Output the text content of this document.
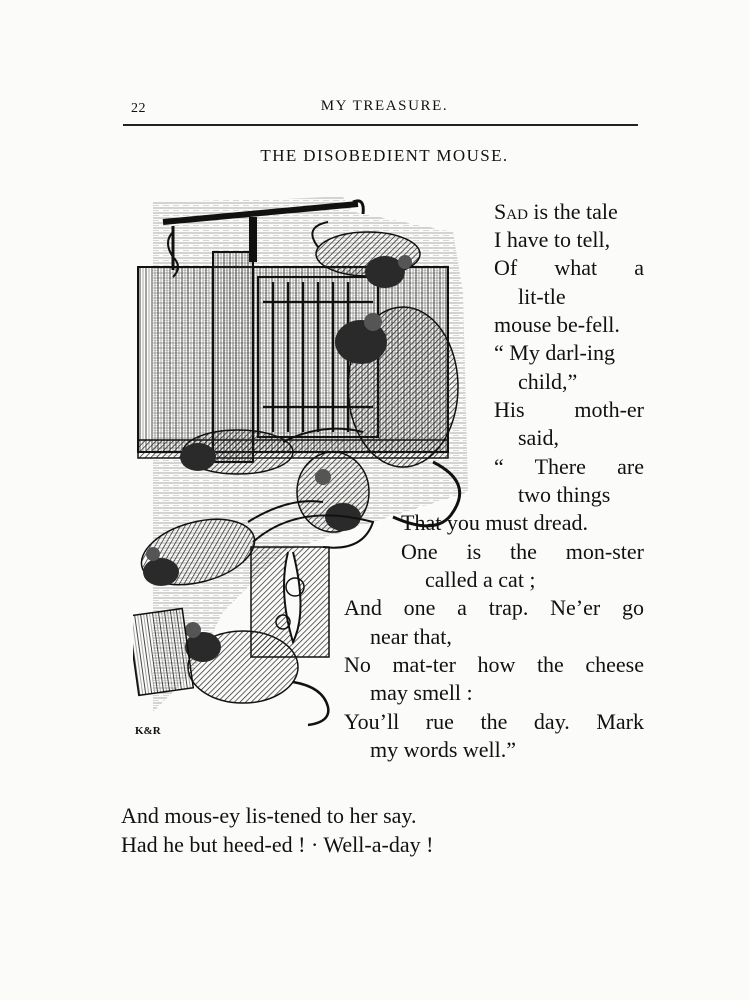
22	MY TREASURE.
THE DISOBEDIENT MOUSE.
K&R
Sad is the tale
I have to tell,
Of what a
lit-tle
mouse be-fell.
“ My darl-ing
child,”
His moth-er
said,
“ There are
two things
That you must dread.
One is the mon-ster
called a cat ;
And one a trap. Ne’er go
near that,
No mat-ter how the cheese
may smell :
You’ll rue the day. Mark
my words well.”
And mous-ey lis-tened to her say.
Had he but heed-ed ! · Well-a-day !
